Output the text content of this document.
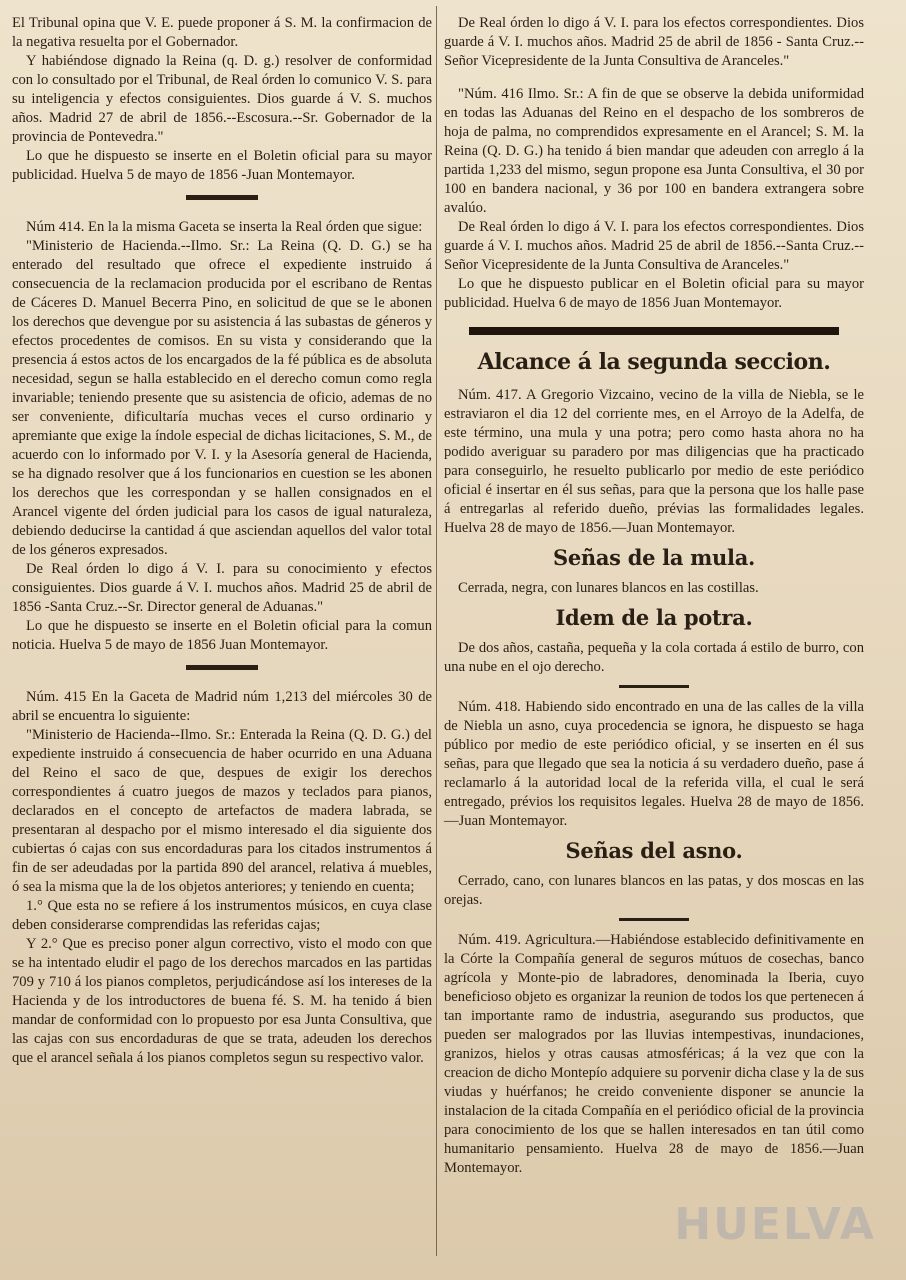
El Tribunal opina que V. E. puede proponer á S. M. la confirmacion de la negativa resuelta por el Gobernador.

Y habiéndose dignado la Reina (q. D. g.) resolver de conformidad con lo consultado por el Tribunal, de Real órden lo comunico V. S. para su inteligencia y efectos consiguientes. Dios guarde á V. S. muchos años. Madrid 27 de abril de 1856.--Escosura.--Sr. Gobernador de la provincia de Pontevedra."

Lo que he dispuesto se inserte en el Boletin oficial para su mayor publicidad. Huelva 5 de mayo de 1856 -Juan Montemayor.

Núm 414. En la la misma Gaceta se inserta la Real órden que sigue:

"Ministerio de Hacienda.--Ilmo. Sr.: La Reina (Q. D. G.) se ha enterado del resultado que ofrece el expediente instruido á consecuencia de la reclamacion producida por el escribano de Rentas de Cáceres D. Manuel Becerra Pino, en solicitud de que se le abonen los derechos que devengue por su asistencia á las subastas de géneros y efectos procedentes de comisos. En su vista y considerando que la presencia á estos actos de los encargados de la fé pública es de absoluta necesidad, segun se halla establecido en el derecho comun como regla invariable; teniendo presente que su asistencia de oficio, ademas de no ser conveniente, dificultaría muchas veces el curso ordinario y apremiante que exige la índole especial de dichas licitaciones, S. M., de acuerdo con lo informado por V. I. y la Asesoría general de Hacienda, se ha dignado resolver que á los funcionarios en cuestion se les abonen los derechos que les correspondan y se hallen consignados en el Arancel vigente del órden judicial para los casos de igual naturaleza, debiendo deducirse la cantidad á que asciendan aquellos del valor total de los géneros expresados.

De Real órden lo digo á V. I. para su conocimiento y efectos consiguientes. Dios guarde á V. I. muchos años. Madrid 25 de abril de 1856 -Santa Cruz.--Sr. Director general de Aduanas."

Lo que he dispuesto se inserte en el Boletin oficial para la comun noticia. Huelva 5 de mayo de 1856 Juan Montemayor.

Núm. 415 En la Gaceta de Madrid núm 1,213 del miércoles 30 de abril se encuentra lo siguiente:

"Ministerio de Hacienda--Ilmo. Sr.: Enterada la Reina (Q. D. G.) del expediente instruido á consecuencia de haber ocurrido en una Aduana del Reino el saco de que, despues de exigir los derechos correspondientes á cuatro juegos de mazos y teclados para pianos, declarados en el concepto de artefactos de madera labrada, se presentaran al despacho por el mismo interesado el dia siguiente dos cubiertas ó cajas con sus encordaduras para los citados instrumentos á fin de ser adeudadas por la partida 890 del arancel, relativa á muebles, ó sea la misma que la de los objetos anteriores; y teniendo en cuenta;

1.° Que esta no se refiere á los instrumentos músicos, en cuya clase deben considerarse comprendidas las referidas cajas;

Y 2.° Que es preciso poner algun correctivo, visto el modo con que se ha intentado eludir el pago de los derechos marcados en las partidas 709 y 710 á los pianos completos, perjudicándose así los intereses de la Hacienda y de los introductores de buena fé. S. M. ha tenido á bien mandar de conformidad con lo propuesto por esa Junta Consultiva, que las cajas con sus encordaduras de que se trata, adeuden los derechos que el arancel señala á los pianos completos segun su respectivo valor.

De Real órden lo digo á V. I. para los efectos correspondientes. Dios guarde á V. I. muchos años. Madrid 25 de abril de 1856 - Santa Cruz.--Señor Vicepresidente de la Junta Consultiva de Aranceles."

"Núm. 416 Ilmo. Sr.: A fin de que se observe la debida uniformidad en todas las Aduanas del Reino en el despacho de los sombreros de hoja de palma, no comprendidos expresamente en el Arancel; S. M. la Reina (Q. D. G.) ha tenido á bien mandar que adeuden con arreglo á la partida 1,233 del mismo, segun propone esa Junta Consultiva, el 30 por 100 en bandera nacional, y 36 por 100 en bandera extrangera sobre avalúo.

De Real órden lo digo á V. I. para los efectos correspondientes. Dios guarde á V. I. muchos años. Madrid 25 de abril de 1856.--Santa Cruz.--Señor Vicepresidente de la Junta Consultiva de Aranceles."

Lo que he dispuesto publicar en el Boletin oficial para su mayor publicidad. Huelva 6 de mayo de 1856 Juan Montemayor.

Alcance á la segunda seccion.

Núm. 417. A Gregorio Vizcaino, vecino de la villa de Niebla, se le estraviaron el dia 12 del corriente mes, en el Arroyo de la Adelfa, de este término, una mula y una potra; pero como hasta ahora no ha podido averiguar su paradero por mas diligencias que ha practicado para conseguirlo, he resuelto publicarlo por medio de este periódico oficial é insertar en él sus señas, para que la persona que los halle pase á entregarlas al referido dueño, prévias las formalidades legales. Huelva 28 de mayo de 1856.—Juan Montemayor.

Señas de la mula.

Cerrada, negra, con lunares blancos en las costillas.

Idem de la potra.

De dos años, castaña, pequeña y la cola cortada á estilo de burro, con una nube en el ojo derecho.

Núm. 418. Habiendo sido encontrado en una de las calles de la villa de Niebla un asno, cuya procedencia se ignora, he dispuesto se haga público por medio de este periódico oficial, y se inserten en él sus señas, para que llegado que sea la noticia á su verdadero dueño, pase á reclamarlo á la autoridad local de la referida villa, el cual le será entregado, prévios los requisitos legales. Huelva 28 de mayo de 1856.—Juan Montemayor.

Señas del asno.

Cerrado, cano, con lunares blancos en las patas, y dos moscas en las orejas.

Núm. 419. Agricultura.—Habiéndose establecido definitivamente en la Córte la Compañía general de seguros mútuos de cosechas, banco agrícola y Monte-pio de labradores, denominada la Iberia, cuyo beneficioso objeto es organizar la reunion de todos los que pertenecen á tan importante ramo de industria, asegurando sus productos, que pueden ser malogrados por las lluvias intempestivas, inundaciones, granizos, hielos y otras causas atmosféricas; á la vez que con la creacion de dicho Montepío adquiere su porvenir dicha clase y la de sus viudas y huérfanos; he creido conveniente disponer se anuncie la instalacion de la citada Compañía en el periódico oficial de la provincia para conocimiento de los que se hallen interesados en tan útil como humanitario pensamiento. Huelva 28 de mayo de 1856.—Juan Montemayor.

HUELVA
